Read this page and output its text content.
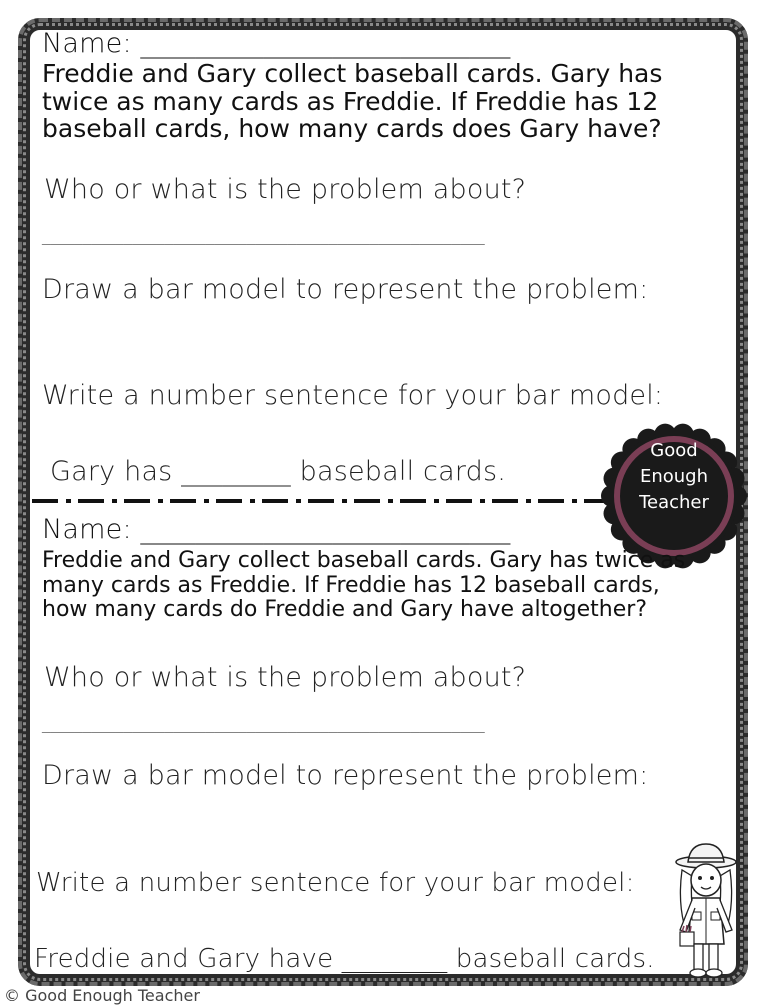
Name: ___________________________

Freddie and Gary collect baseball cards. Gary has twice as many cards as Freddie. If Freddie has 12 baseball cards, how many cards does Gary have?

Who or what is the problem about?
______________________________________________________
Draw a bar model to represent the problem:
Write a number sentence for your bar model:
Gary has ________ baseball cards.
Good
Enough
Teacher
Name: ___________________________

Freddie and Gary collect baseball cards. Gary has twice as many cards as Freddie. If Freddie has 12 baseball cards, how many cards do Freddie and Gary have altogether?

Who or what is the problem about?
______________________________________________________
Draw a bar model to represent the problem:
Write a number sentence for your bar model:
Freddie and Gary have ________ baseball cards.
© Good Enough Teacher
